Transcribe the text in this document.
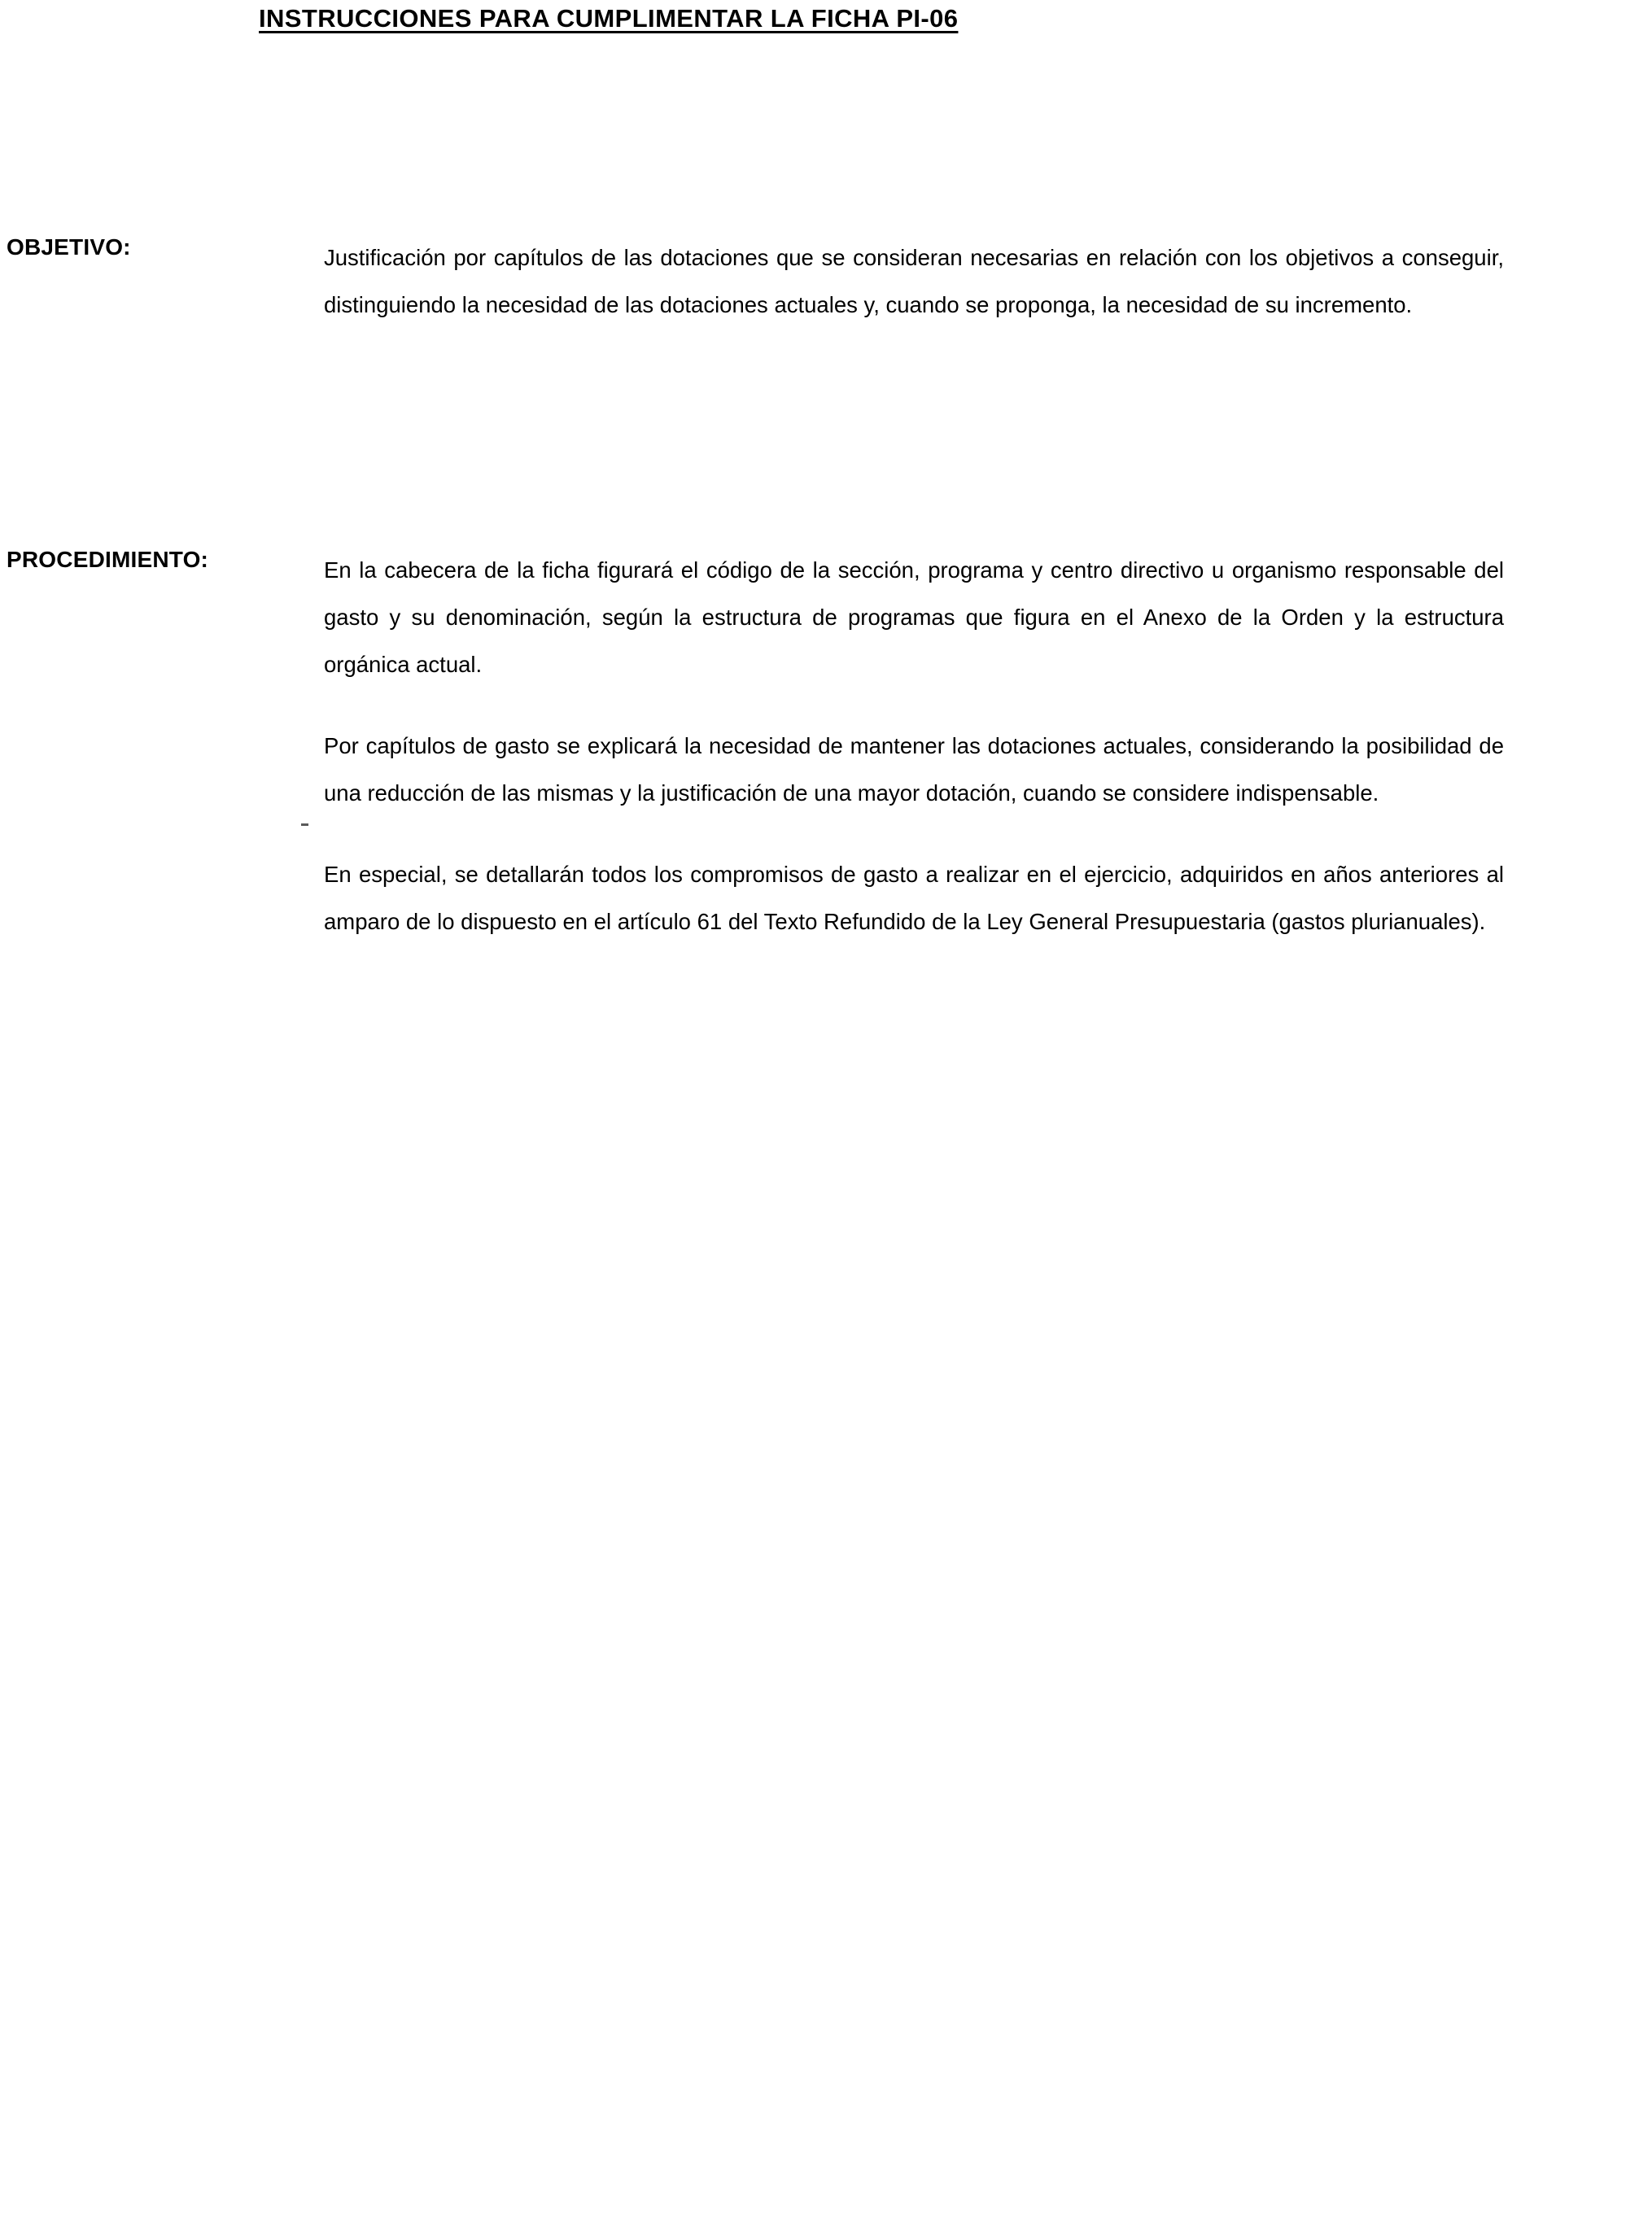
INSTRUCCIONES PARA CUMPLIMENTAR LA FICHA PI-06
OBJETIVO:	Justificación por capítulos de las dotaciones que se consideran necesarias en relación con los objetivos a conseguir, distinguiendo la necesidad de las dotaciones actuales y, cuando se proponga, la necesidad de su incremento.

PROCEDIMIENTO:	En la cabecera de la ficha figurará el código de la sección, programa y centro directivo u organismo responsable del gasto y su denominación, según la estructura de programas que figura en el Anexo de la Orden y la estructura orgánica actual.

Por capítulos de gasto se explicará la necesidad de mantener las dotaciones actuales, considerando la posibilidad de una reducción de las mismas y la justificación de una mayor dotación, cuando se considere indispensable.

En especial, se detallarán todos los compromisos de gasto a realizar en el ejercicio, adquiridos en años anteriores al amparo de lo dispuesto en el artículo 61 del Texto Refundido de la Ley General Presupuestaria (gastos plurianuales).
